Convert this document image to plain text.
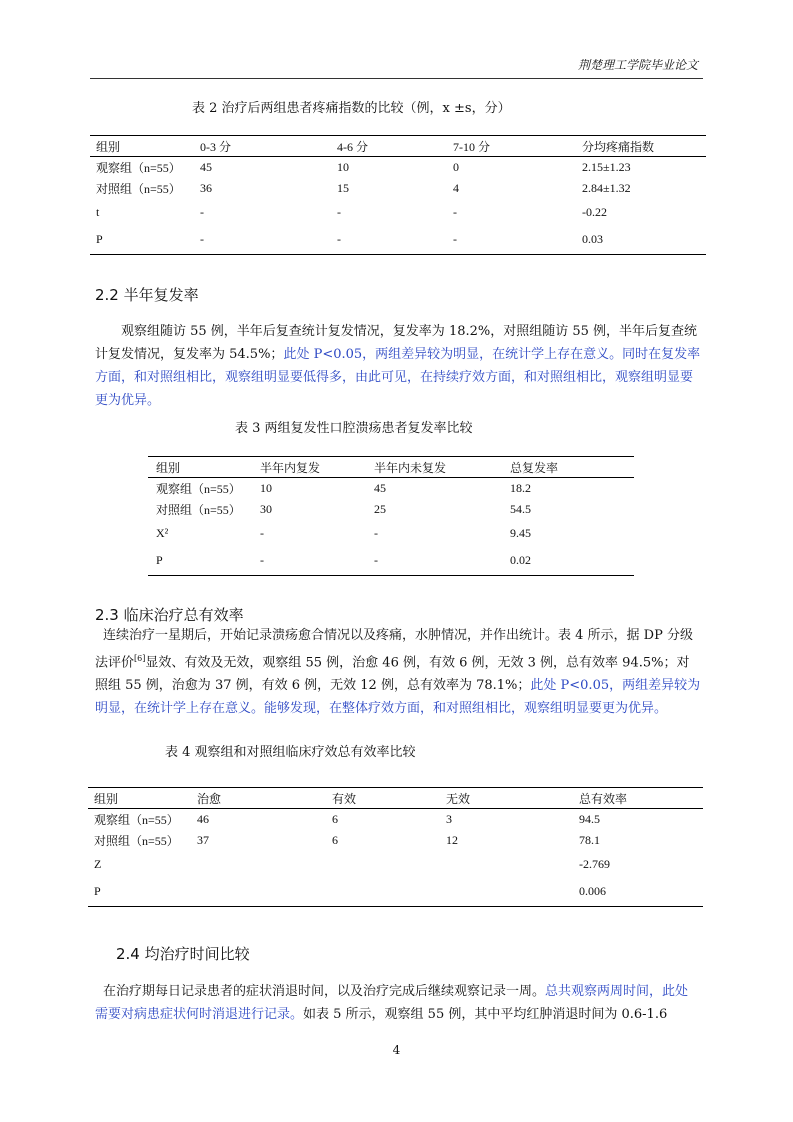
荆楚理工学院毕业论文
表 2 治疗后两组患者疼痛指数的比较（例，x ±s，分）
组别	0-3 分	4-6 分	7-10 分	分均疼痛指数
观察组（n=55）	45	10	0	2.15±1.23
对照组（n=55）	36	15	4	2.84±1.32
t	-	-	-	-0.22
P	-	-	-	0.03
2.2 半年复发率
观察组随访 55 例，半年后复查统计复发情况，复发率为 18.2%，对照组随访 55 例，半年后复查统计复发情况，复发率为 54.5%；此处 P<0.05，两组差异较为明显，在统计学上存在意义。同时在复发率方面，和对照组相比，观察组明显要低得多，由此可见，在持续疗效方面，和对照组相比，观察组明显要更为优异。
表 3 两组复发性口腔溃疡患者复发率比较
组别	半年内复发	半年内未复发	总复发率
观察组（n=55）	10	45	18.2
对照组（n=55）	30	25	54.5
X²	-	-	9.45
P	-	-	0.02
2.3 临床治疗总有效率
连续治疗一星期后，开始记录溃疡愈合情况以及疼痛，水肿情况，并作出统计。表 4 所示，据 DP 分级法评价[6]显效、有效及无效，观察组 55 例，治愈 46 例，有效 6 例，无效 3 例，总有效率 94.5%；对照组 55 例，治愈为 37 例，有效 6 例，无效 12 例，总有效率为 78.1%；此处 P<0.05，两组差异较为明显，在统计学上存在意义。能够发现，在整体疗效方面，和对照组相比，观察组明显要更为优异。
表 4 观察组和对照组临床疗效总有效率比较
组别	治愈	有效	无效	总有效率
观察组（n=55）	46	6	3	94.5
对照组（n=55）	37	6	12	78.1
Z				-2.769
P				0.006
2.4 均治疗时间比较
在治疗期每日记录患者的症状消退时间，以及治疗完成后继续观察记录一周。总共观察两周时间，此处需要对病患症状何时消退进行记录。如表 5 所示，观察组 55 例，其中平均红肿消退时间为 0.6-1.6
4
